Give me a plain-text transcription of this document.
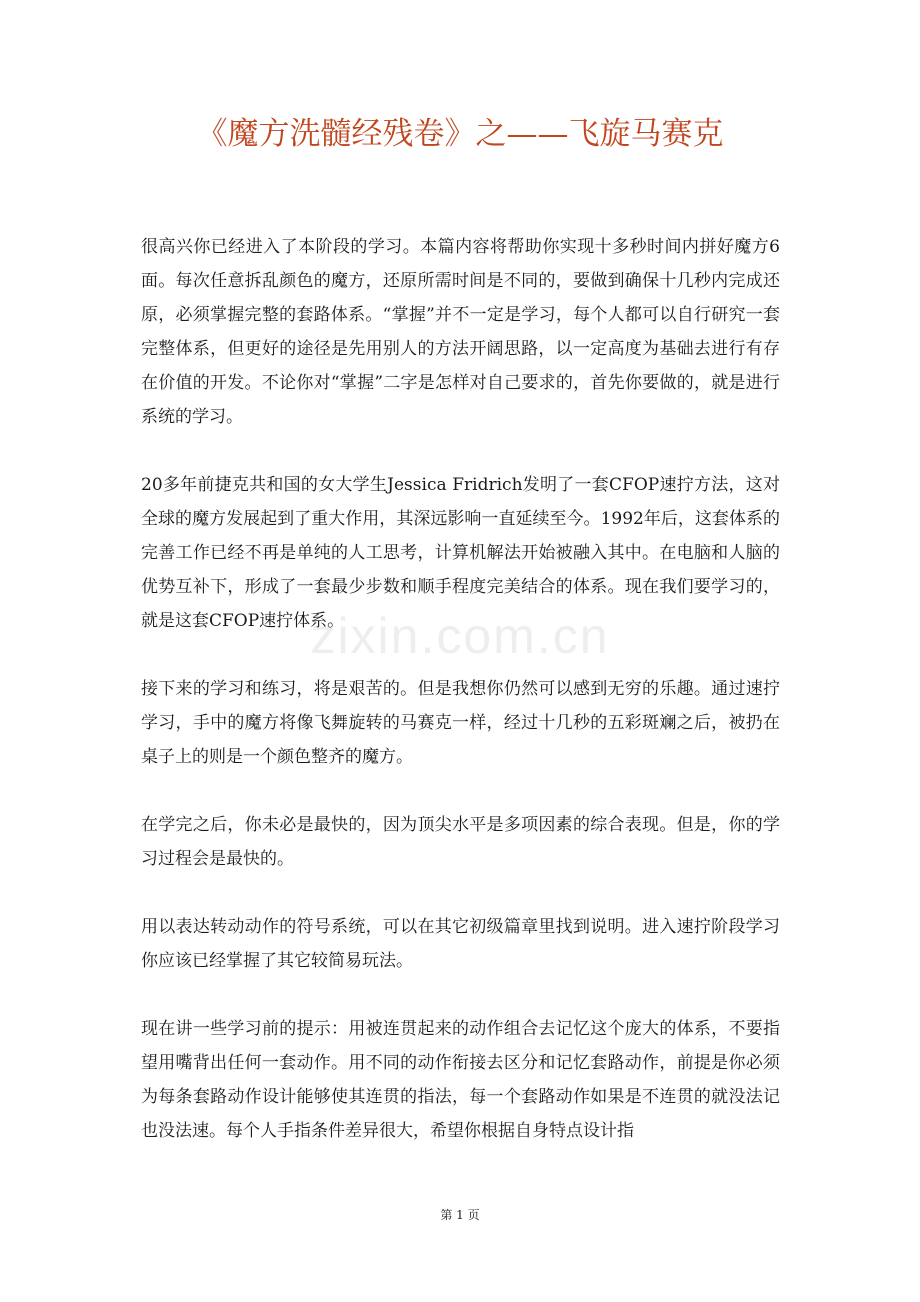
《魔方洗髓经残卷》之——飞旋马赛克

很高兴你已经进入了本阶段的学习。本篇内容将帮助你实现十多秒时间内拼好魔方6面。每次任意拆乱颜色的魔方，还原所需时间是不同的，要做到确保十几秒内完成还原，必须掌握完整的套路体系。“掌握”并不一定是学习，每个人都可以自行研究一套完整体系，但更好的途径是先用别人的方法开阔思路，以一定高度为基础去进行有存在价值的开发。不论你对“掌握”二字是怎样对自己要求的，首先你要做的，就是进行系统的学习。

20多年前捷克共和国的女大学生Jessica Fridrich发明了一套CFOP速拧方法，这对全球的魔方发展起到了重大作用，其深远影响一直延续至今。1992年后，这套体系的完善工作已经不再是单纯的人工思考，计算机解法开始被融入其中。在电脑和人脑的优势互补下，形成了一套最少步数和顺手程度完美结合的体系。现在我们要学习的，就是这套CFOP速拧体系。

接下来的学习和练习，将是艰苦的。但是我想你仍然可以感到无穷的乐趣。通过速拧学习，手中的魔方将像飞舞旋转的马赛克一样，经过十几秒的五彩斑斓之后，被扔在桌子上的则是一个颜色整齐的魔方。

在学完之后，你未必是最快的，因为顶尖水平是多项因素的综合表现。但是，你的学习过程会是最快的。

用以表达转动动作的符号系统，可以在其它初级篇章里找到说明。进入速拧阶段学习你应该已经掌握了其它较简易玩法。

现在讲一些学习前的提示：用被连贯起来的动作组合去记忆这个庞大的体系，不要指望用嘴背出任何一套动作。用不同的动作衔接去区分和记忆套路动作，前提是你必须为每条套路动作设计能够使其连贯的指法，每一个套路动作如果是不连贯的就没法记也没法速。每个人手指条件差异很大，希望你根据自身特点设计指

zixin.com.cn
第 1 页
